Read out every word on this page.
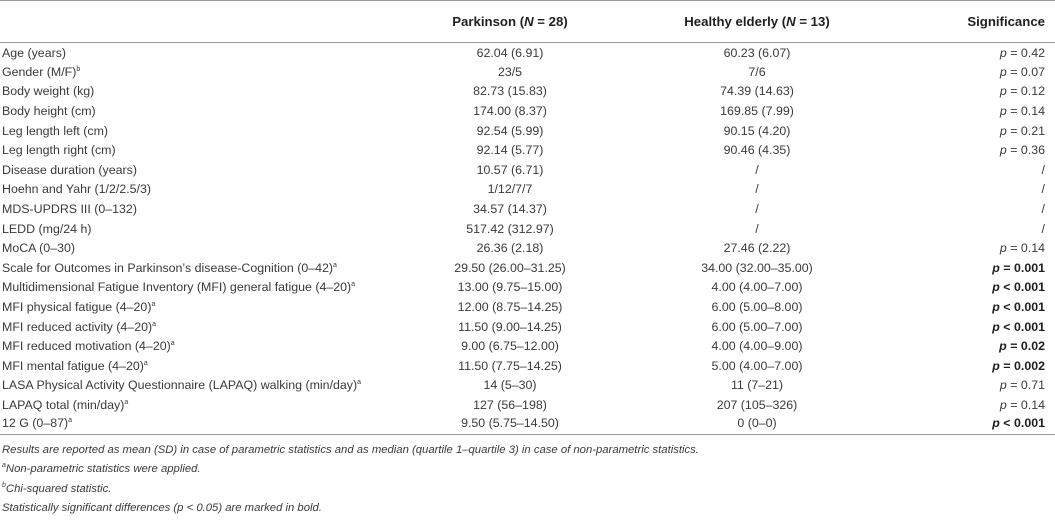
	Parkinson (N = 28)	Healthy elderly (N = 13)	Significance
Age (years)	62.04 (6.91)	60.23 (6.07)	p = 0.42
Gender $(M/F)^b$	23/5	7/6	p = 0.07
Body weight (kg)	82.73 (15.83)	74.39 (14.63)	p = 0.12
Body height (cm)	174.00 (8.37)	169.85 (7.99)	p = 0.14
Leg length left (cm)	92.54 (5.99)	90.15 (4.20)	p = 0.21
Leg length right (cm)	92.14 (5.77)	90.46 (4.35)	p = 0.36
Disease duration (years)	10.57 (6.71)	/	/
Hoehn and Yahr (1/2/2.5/3)	1/12/7/7	/	/
MDS-UPDRS III (0–132)	34.57 (14.37)	/	/
LEDD (mg/24 h)	517.42 (312.97)	/	/
MoCA (0–30)	26.36 (2.18)	27.46 (2.22)	p = 0.14
Scale for Outcomes in Parkinson’s disease-Cognition $(0-42)^a$	29.50 (26.00–31.25)	34.00 (32.00–35.00)	p = 0.001
Multidimensional Fatigue Inventory (MFI) general fatigue $(4-20)^a$	13.00 (9.75–15.00)	4.00 (4.00–7.00)	p < 0.001
MFI physical fatigue $(4-20)^a$	12.00 (8.75–14.25)	6.00 (5.00–8.00)	p < 0.001
MFI reduced activity $(4-20)^a$	11.50 (9.00–14.25)	6.00 (5.00–7.00)	p < 0.001
MFI reduced motivation $(4-20)^a$	9.00 (6.75–12.00)	4.00 (4.00–9.00)	p = 0.02
MFI mental fatigue $(4-20)^a$	11.50 (7.75–14.25)	5.00 (4.00–7.00)	p = 0.002
LASA Physical Activity Questionnaire (LAPAQ) walking $(\min/day)^a$	14 (5–30)	11 (7–21)	p = 0.71
LAPAQ total $(\min/day)^a$	127 (56–198)	207 (105–326)	p = 0.14
12 G $(0-87)^a$	9.50 (5.75–14.50)	0 (0–0)	p < 0.001
Results are reported as mean (SD) in case of parametric statistics and as median (quartile 1–quartile 3) in case of non-parametric statistics.
$^a$Non-parametric statistics were applied.
$^b$Chi-squared statistic.
Statistically significant differences (p < 0.05) are marked in bold.
